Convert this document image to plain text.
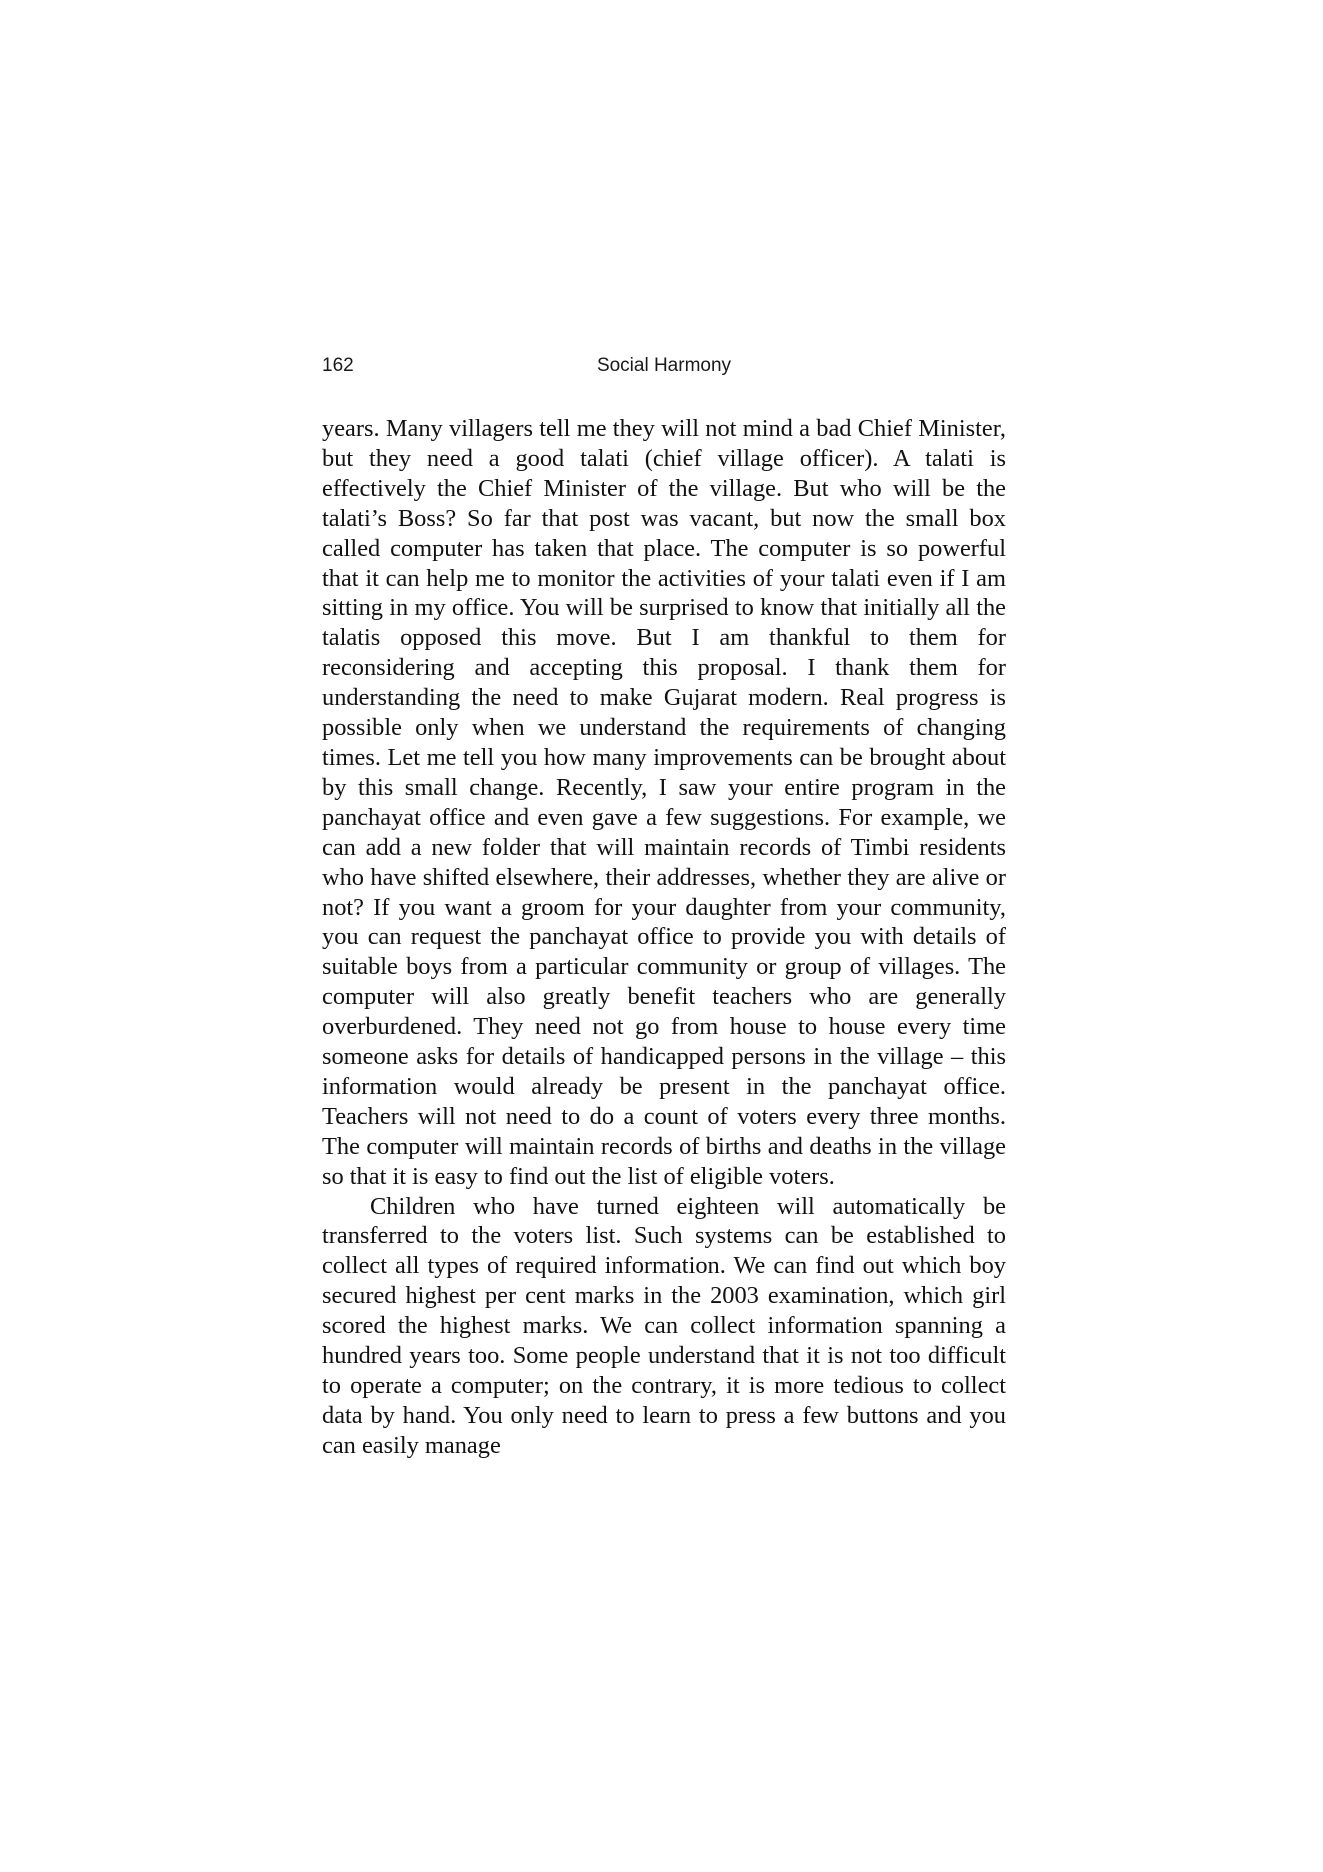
162	Social Harmony

years. Many villagers tell me they will not mind a bad Chief Minister, but they need a good talati (chief village officer). A talati is effectively the Chief Minister of the village. But who will be the talati’s Boss? So far that post was vacant, but now the small box called computer has taken that place. The computer is so powerful that it can help me to monitor the activities of your talati even if I am sitting in my office. You will be surprised to know that initially all the talatis opposed this move. But I am thankful to them for reconsidering and accepting this proposal. I thank them for understanding the need to make Gujarat modern. Real progress is possible only when we understand the requirements of changing times. Let me tell you how many improvements can be brought about by this small change. Recently, I saw your entire program in the panchayat office and even gave a few suggestions. For example, we can add a new folder that will maintain records of Timbi residents who have shifted elsewhere, their addresses, whether they are alive or not? If you want a groom for your daughter from your community, you can request the panchayat office to provide you with details of suitable boys from a particular community or group of villages. The computer will also greatly benefit teachers who are generally overburdened. They need not go from house to house every time someone asks for details of handicapped persons in the village – this information would already be present in the panchayat office. Teachers will not need to do a count of voters every three months. The computer will maintain records of births and deaths in the village so that it is easy to find out the list of eligible voters.

Children who have turned eighteen will automatically be transferred to the voters list. Such systems can be established to collect all types of required information. We can find out which boy secured highest per cent marks in the 2003 examination, which girl scored the highest marks. We can collect information spanning a hundred years too. Some people understand that it is not too difficult to operate a computer; on the contrary, it is more tedious to collect data by hand. You only need to learn to press a few buttons and you can easily manage
